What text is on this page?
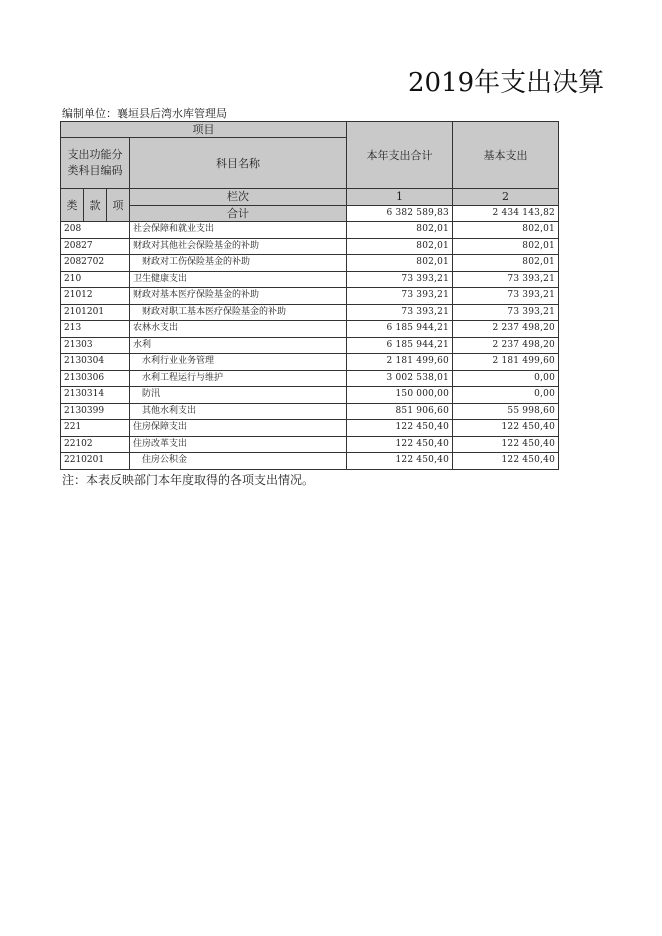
2019年支出决算
编制单位：襄垣县后湾水库管理局
项目				本年支出合计	基本支出
支出功能分类科目编码			科目名称		
类	款	项	栏次	1	2
			合计	6 382 589,83	2 434 143,82
208			社会保障和就业支出	802,01	802,01
20827			财政对其他社会保险基金的补助	802,01	802,01
2082702			财政对工伤保险基金的补助	802,01	802,01
210			卫生健康支出	73 393,21	73 393,21
21012			财政对基本医疗保险基金的补助	73 393,21	73 393,21
2101201			财政对职工基本医疗保险基金的补助	73 393,21	73 393,21
213			农林水支出	6 185 944,21	2 237 498,20
21303			水利	6 185 944,21	2 237 498,20
2130304			水利行业业务管理	2 181 499,60	2 181 499,60
2130306			水利工程运行与维护	3 002 538,01	0,00
2130314			防汛	150 000,00	0,00
2130399			其他水利支出	851 906,60	55 998,60
221			住房保障支出	122 450,40	122 450,40
22102			住房改革支出	122 450,40	122 450,40
2210201			住房公积金	122 450,40	122 450,40
注：本表反映部门本年度取得的各项支出情况。
